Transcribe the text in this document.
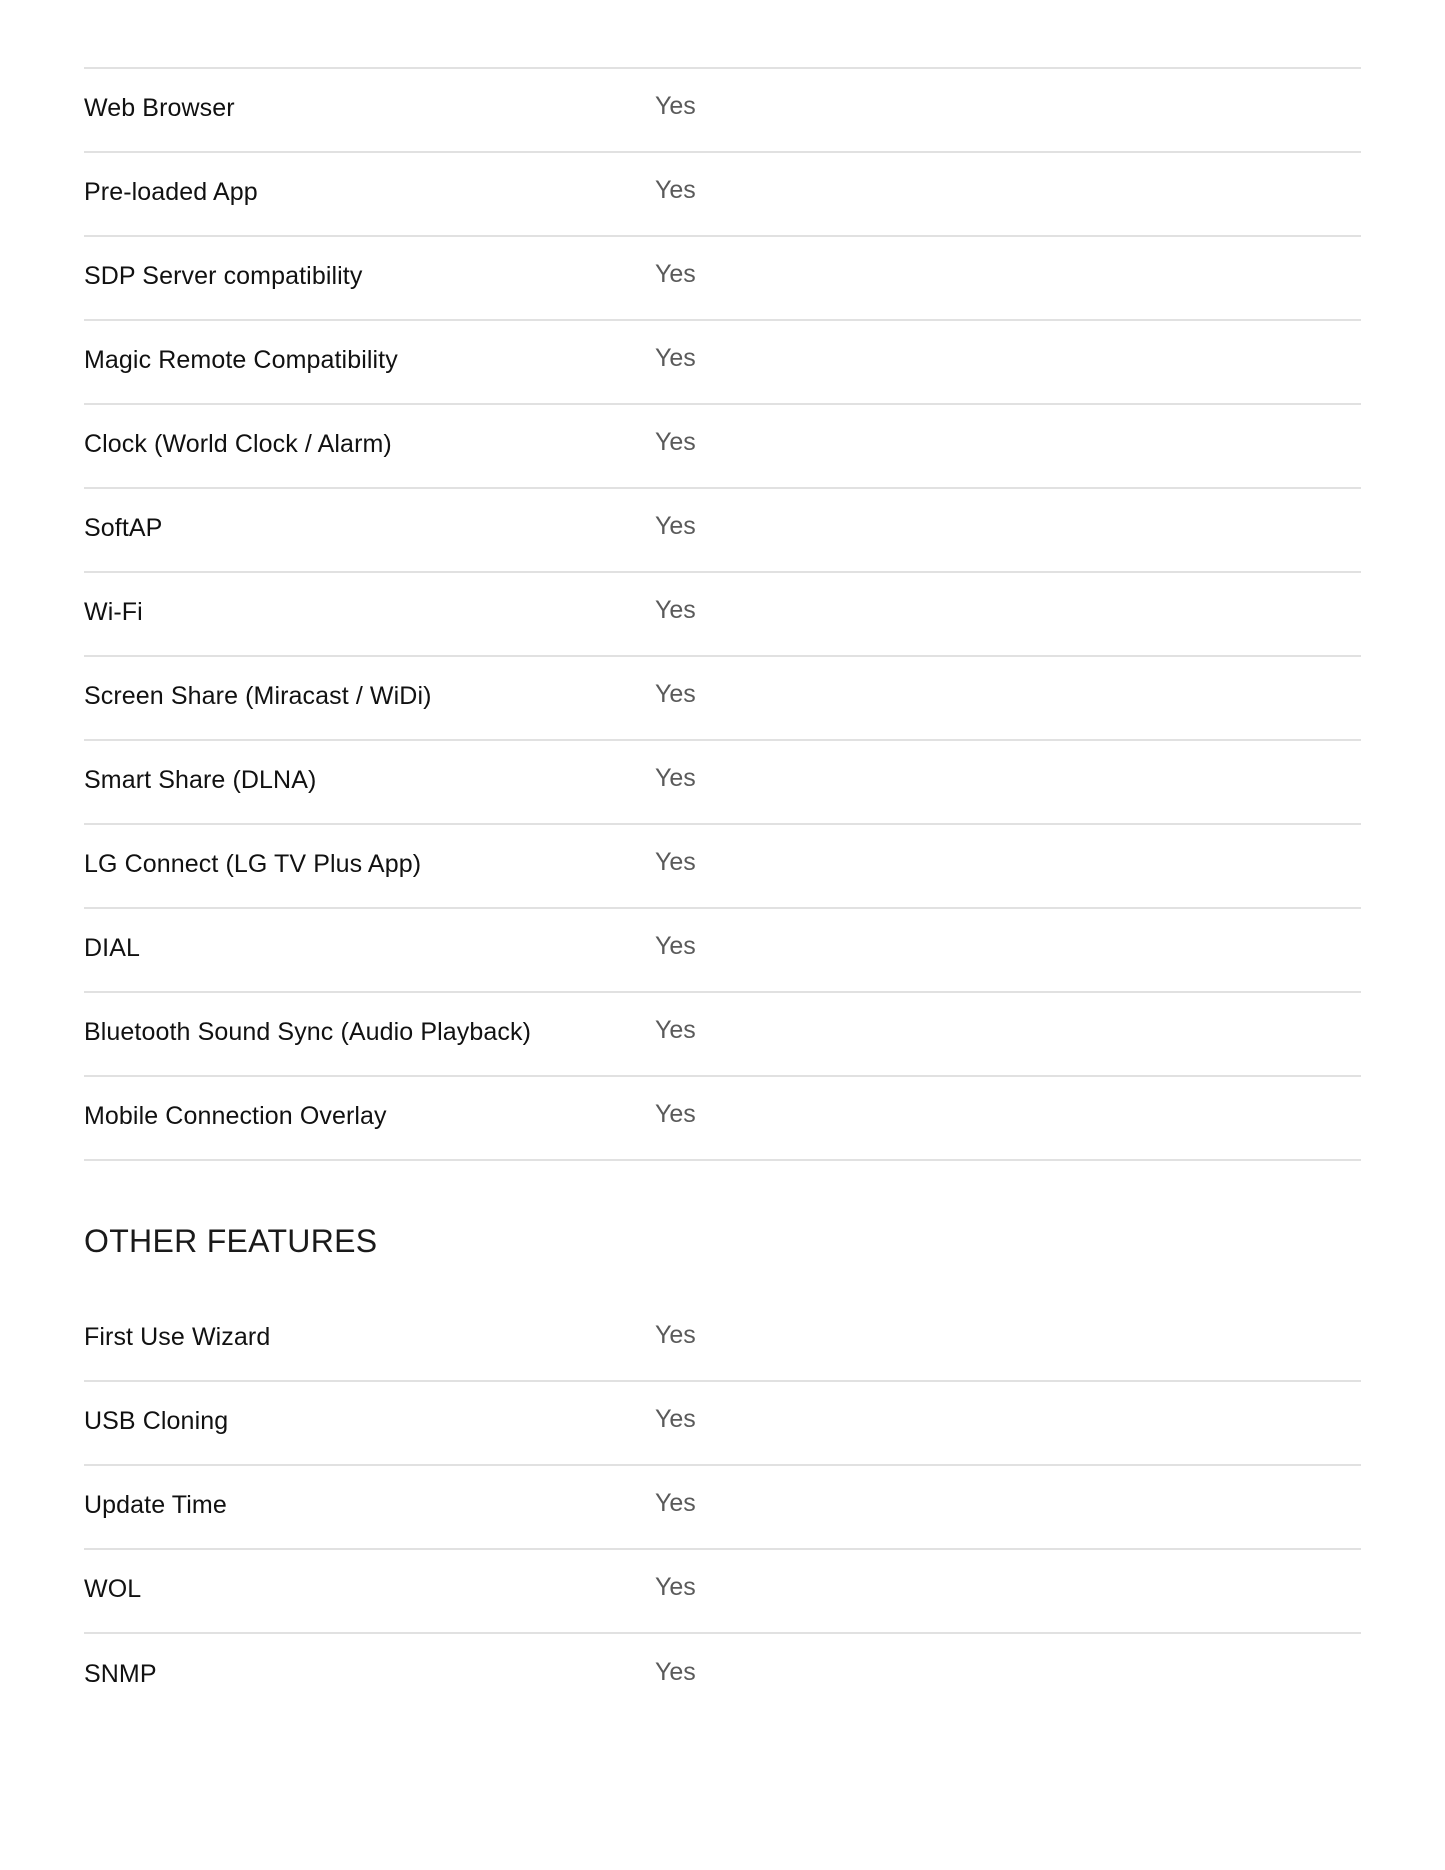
Web Browser	Yes
Pre-loaded App	Yes
SDP Server compatibility	Yes
Magic Remote Compatibility	Yes
Clock (World Clock / Alarm)	Yes
SoftAP	Yes
Wi-Fi	Yes
Screen Share (Miracast / WiDi)	Yes
Smart Share (DLNA)	Yes
LG Connect (LG TV Plus App)	Yes
DIAL	Yes
Bluetooth Sound Sync (Audio Playback)	Yes
Mobile Connection Overlay	Yes
OTHER FEATURES
First Use Wizard	Yes
USB Cloning	Yes
Update Time	Yes
WOL	Yes
SNMP	Yes
